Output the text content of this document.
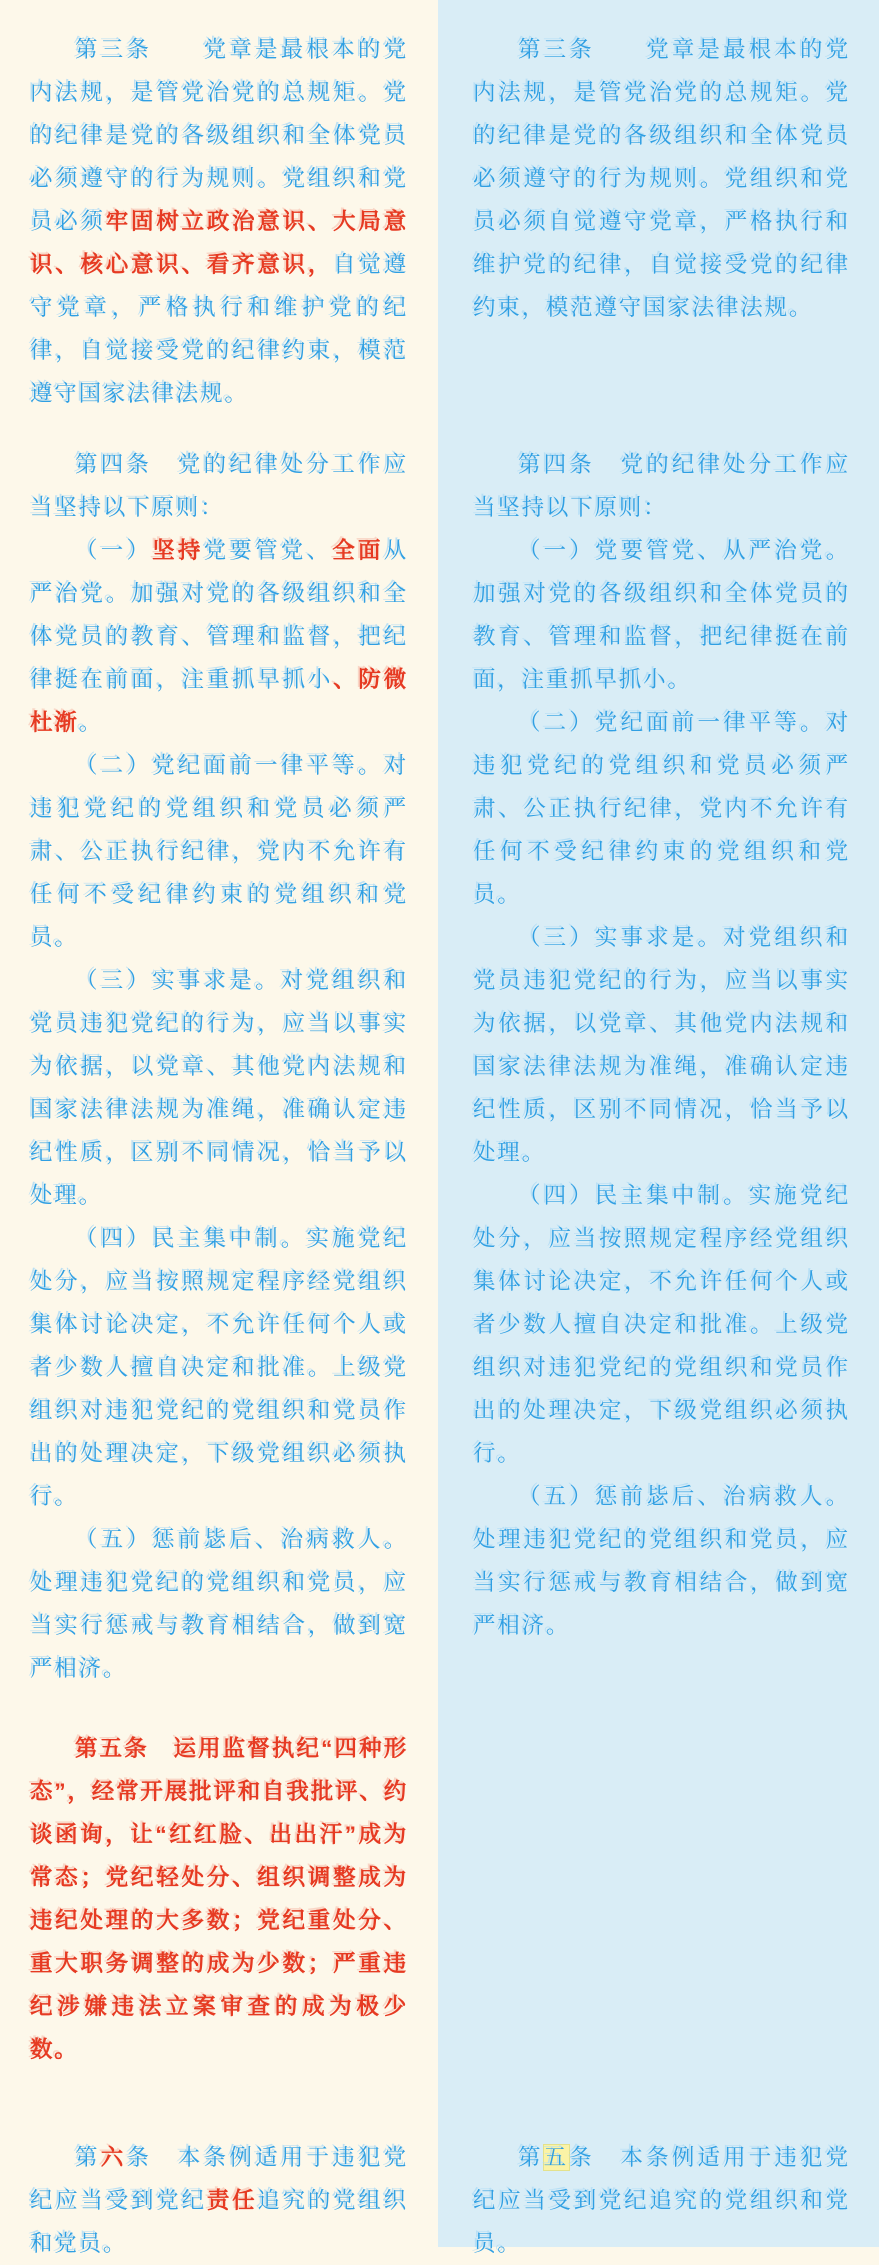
第三条　　党章是最根本的党内法规，是管党治党的总规矩。党的纪律是党的各级组织和全体党员必须遵守的行为规则。党组织和党员必须牢固树立政治意识、大局意识、核心意识、看齐意识，自觉遵守党章，严格执行和维护党的纪律，自觉接受党的纪律约束，模范遵守国家法律法规。

第四条　党的纪律处分工作应当坚持以下原则：

（一）坚持党要管党、全面从严治党。加强对党的各级组织和全体党员的教育、管理和监督，把纪律挺在前面，注重抓早抓小、防微杜渐。

（二）党纪面前一律平等。对违犯党纪的党组织和党员必须严肃、公正执行纪律，党内不允许有任何不受纪律约束的党组织和党员。

（三）实事求是。对党组织和党员违犯党纪的行为，应当以事实为依据，以党章、其他党内法规和国家法律法规为准绳，准确认定违纪性质，区别不同情况，恰当予以处理。

（四）民主集中制。实施党纪处分，应当按照规定程序经党组织集体讨论决定，不允许任何个人或者少数人擅自决定和批准。上级党组织对违犯党纪的党组织和党员作出的处理决定，下级党组织必须执行。

（五）惩前毖后、治病救人。处理违犯党纪的党组织和党员，应当实行惩戒与教育相结合，做到宽严相济。

第五条　运用监督执纪“四种形态”，经常开展批评和自我批评、约谈函询，让“红红脸、出出汗”成为常态；党纪轻处分、组织调整成为违纪处理的大多数；党纪重处分、重大职务调整的成为少数；严重违纪涉嫌违法立案审查的成为极少数。

第六条　本条例适用于违犯党纪应当受到党纪责任追究的党组织和党员。

第三条　　党章是最根本的党内法规，是管党治党的总规矩。党的纪律是党的各级组织和全体党员必须遵守的行为规则。党组织和党员必须自觉遵守党章，严格执行和维护党的纪律，自觉接受党的纪律约束，模范遵守国家法律法规。

第四条　党的纪律处分工作应当坚持以下原则：

（一）党要管党、从严治党。加强对党的各级组织和全体党员的教育、管理和监督，把纪律挺在前面，注重抓早抓小。

（二）党纪面前一律平等。对违犯党纪的党组织和党员必须严肃、公正执行纪律，党内不允许有任何不受纪律约束的党组织和党员。

（三）实事求是。对党组织和党员违犯党纪的行为，应当以事实为依据，以党章、其他党内法规和国家法律法规为准绳，准确认定违纪性质，区别不同情况，恰当予以处理。

（四）民主集中制。实施党纪处分，应当按照规定程序经党组织集体讨论决定，不允许任何个人或者少数人擅自决定和批准。上级党组织对违犯党纪的党组织和党员作出的处理决定，下级党组织必须执行。

（五）惩前毖后、治病救人。处理违犯党纪的党组织和党员，应当实行惩戒与教育相结合，做到宽严相济。

第五条　本条例适用于违犯党纪应当受到党纪追究的党组织和党员。
